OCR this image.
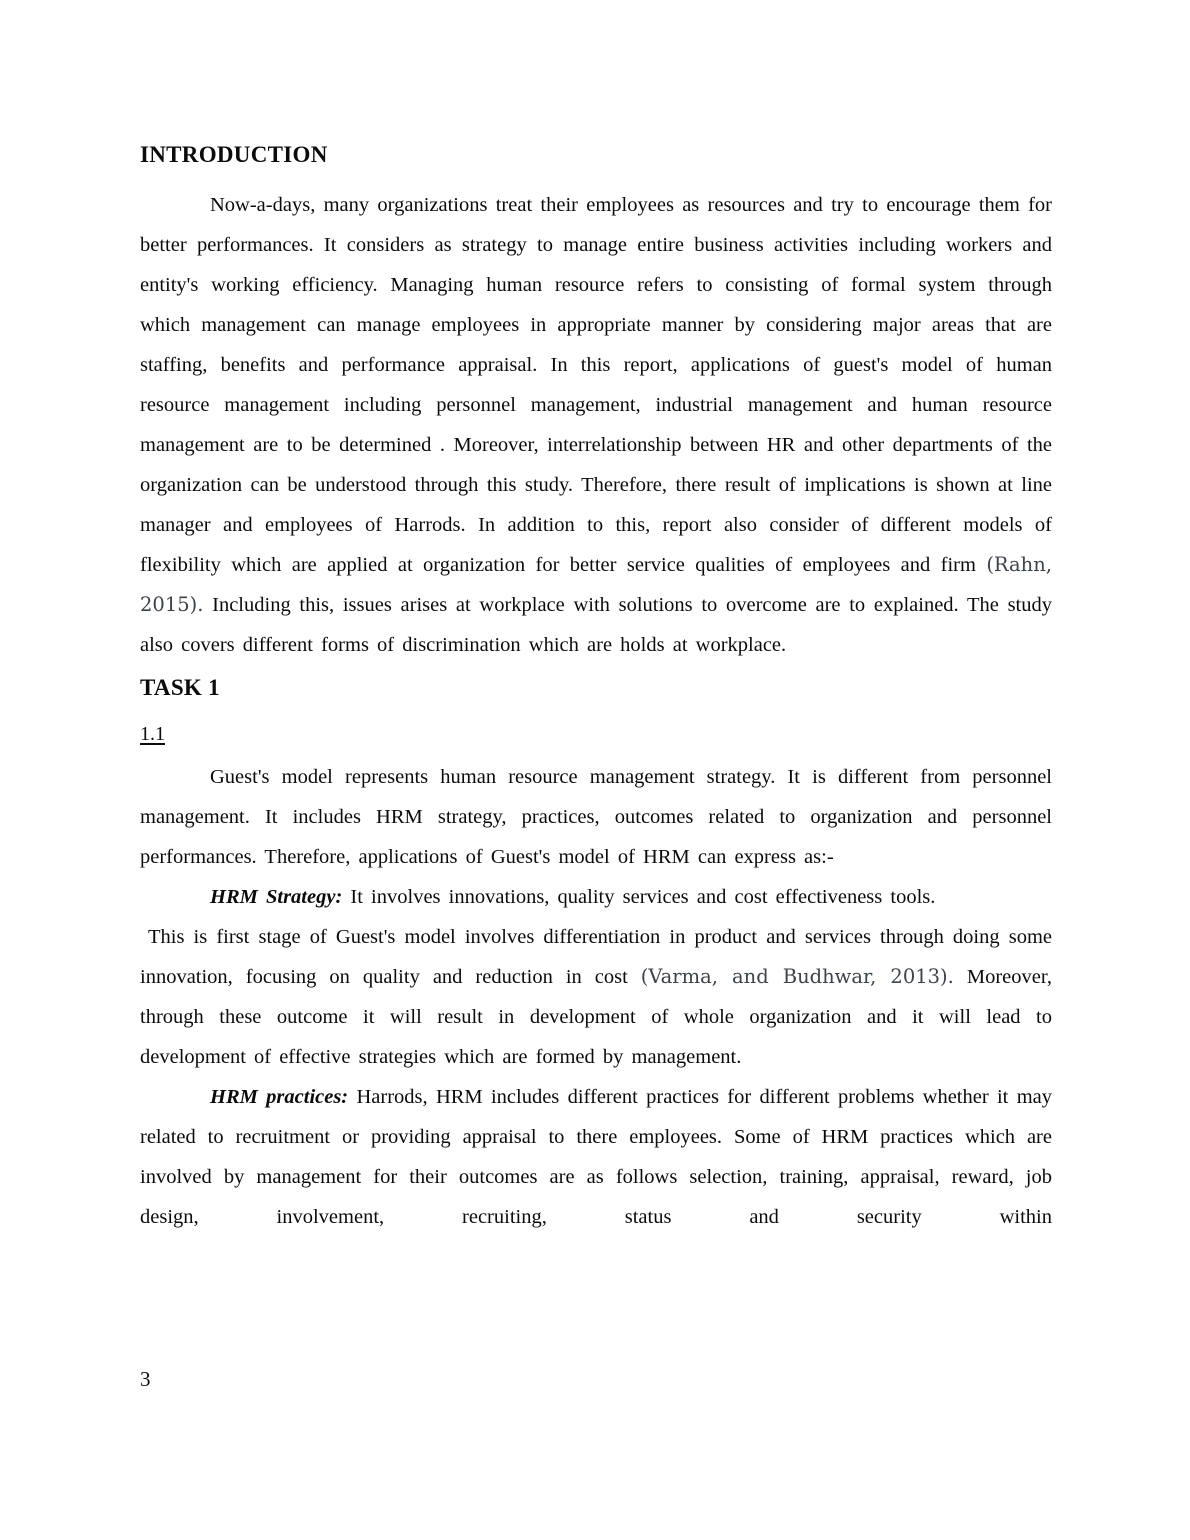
INTRODUCTION

Now-a-days, many organizations treat their employees as resources and try to encourage them for better performances. It considers as strategy to manage entire business activities including workers and entity's working efficiency. Managing human resource refers to consisting of formal system through which management can manage employees in appropriate manner by considering major areas that are staffing, benefits and performance appraisal. In this report, applications of guest's model of human resource management including personnel management, industrial management and human resource management are to be determined . Moreover, interrelationship between HR and other departments of the organization can be understood through this study. Therefore, there result of implications is shown at line manager and employees of Harrods. In addition to this, report also consider of different models of flexibility which are applied at organization for better service qualities of employees and firm (Rahn, 2015). Including this, issues arises at workplace with solutions to overcome are to explained. The study also covers different forms of discrimination which are holds at workplace.

TASK 1
1.1

Guest's model represents human resource management strategy. It is different from personnel management. It includes HRM strategy, practices, outcomes related to organization and personnel performances. Therefore, applications of Guest's model of HRM can express as:-

HRM Strategy: It involves innovations, quality services and cost effectiveness tools.

This is first stage of Guest's model involves differentiation in product and services through doing some innovation, focusing on quality and reduction in cost (Varma, and Budhwar, 2013). Moreover, through these outcome it will result in development of whole organization and it will lead to development of effective strategies which are formed by management.

HRM practices: Harrods, HRM includes different practices for different problems whether it may related to recruitment or providing appraisal to there employees. Some of HRM practices which are involved by management for their outcomes are as follows selection, training, appraisal, reward, job design, involvement, recruiting, status and security within

3
